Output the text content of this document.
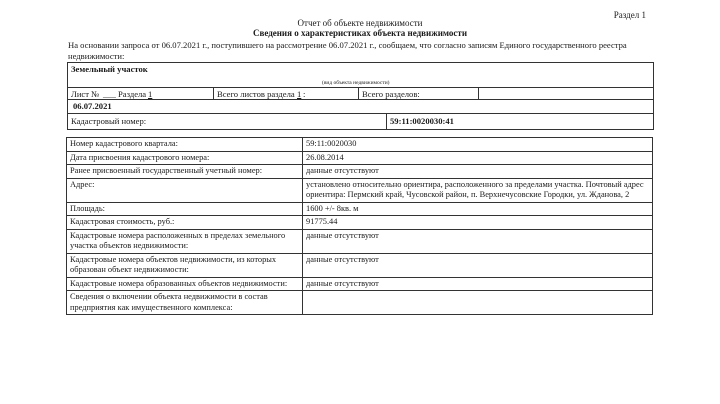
Раздел 1
Отчет об объекте недвижимости
Сведения о характеристиках объекта недвижимости
На основании запроса от 06.07.2021 г., поступившего на рассмотрение 06.07.2021 г., сообщаем, что согласно записям Единого государственного реестра недвижимости:
Земельный участок
(вид объекта недвижимости)
Лист № ___ Раздела 1	Всего листов раздела 1 :	Всего разделов:
06.07.2021
Кадастровый номер:	59:11:0020030:41
Номер кадастрового квартала:	59:11:0020030
Дата присвоения кадастрового номера:	26.08.2014
Ранее присвоенный государственный учетный номер:	данные отсутствуют
Адрес:	установлено относительно ориентира, расположенного за пределами участка. Почтовый адрес ориентира: Пермский край, Чусовской район, п. Верхнечусовские Городки, ул. Жданова, 2
Площадь:	1600 +/- 8кв. м
Кадастровая стоимость, руб.:	91775.44
Кадастровые номера расположенных в пределах земельного участка объектов недвижимости:	данные отсутствуют
Кадастровые номера объектов недвижимости, из которых образован объект недвижимости:	данные отсутствуют
Кадастровые номера образованных объектов недвижимости:	данные отсутствуют
Сведения о включении объекта недвижимости в состав предприятия как имущественного комплекса:	
